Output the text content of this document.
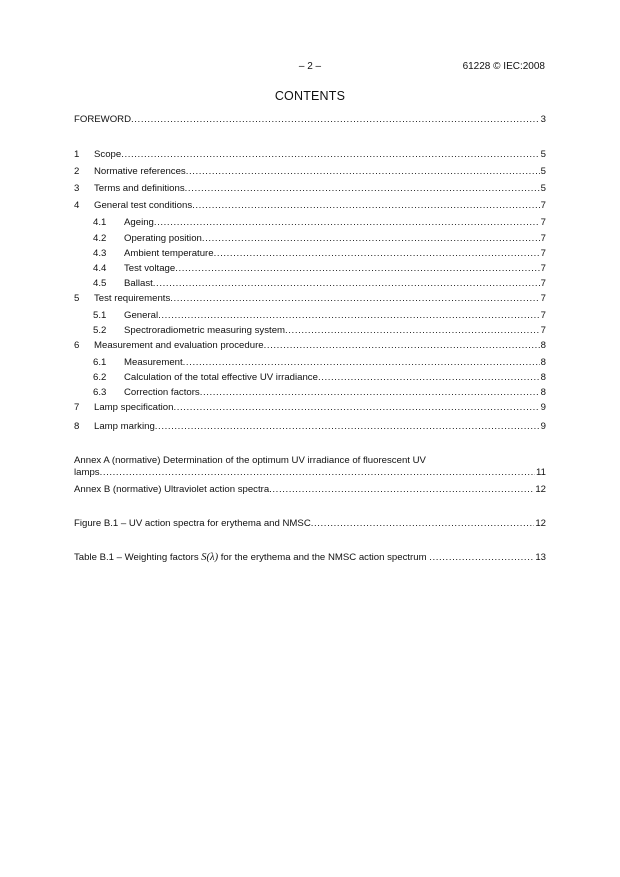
– 2 –	61228 © IEC:2008
CONTENTS
FOREWORD .....	3
1	Scope .....	5
2	Normative references .....	5
3	Terms and definitions .....	5
4	General test conditions .....	7
4.1	Ageing .....	7
4.2	Operating position .....	7
4.3	Ambient temperature .....	7
4.4	Test voltage .....	7
4.5	Ballast .....	7
5	Test requirements .....	7
5.1	General .....	7
5.2	Spectroradiometric measuring system .....	7
6	Measurement and evaluation procedure .....	8
6.1	Measurement .....	8
6.2	Calculation of the total effective UV irradiance .....	8
6.3	Correction factors .....	8
7	Lamp specification .....	9
8	Lamp marking .....	9
Annex A (normative) Determination of the optimum UV irradiance of fluorescent UV
lamps .....	11
Annex B (normative) Ultraviolet action spectra .....	12
Figure B.1 – UV action spectra for erythema and NMSC .....	12
Table B.1 – Weighting factors S(λ) for the erythema and the NMSC action spectrum .....	13
